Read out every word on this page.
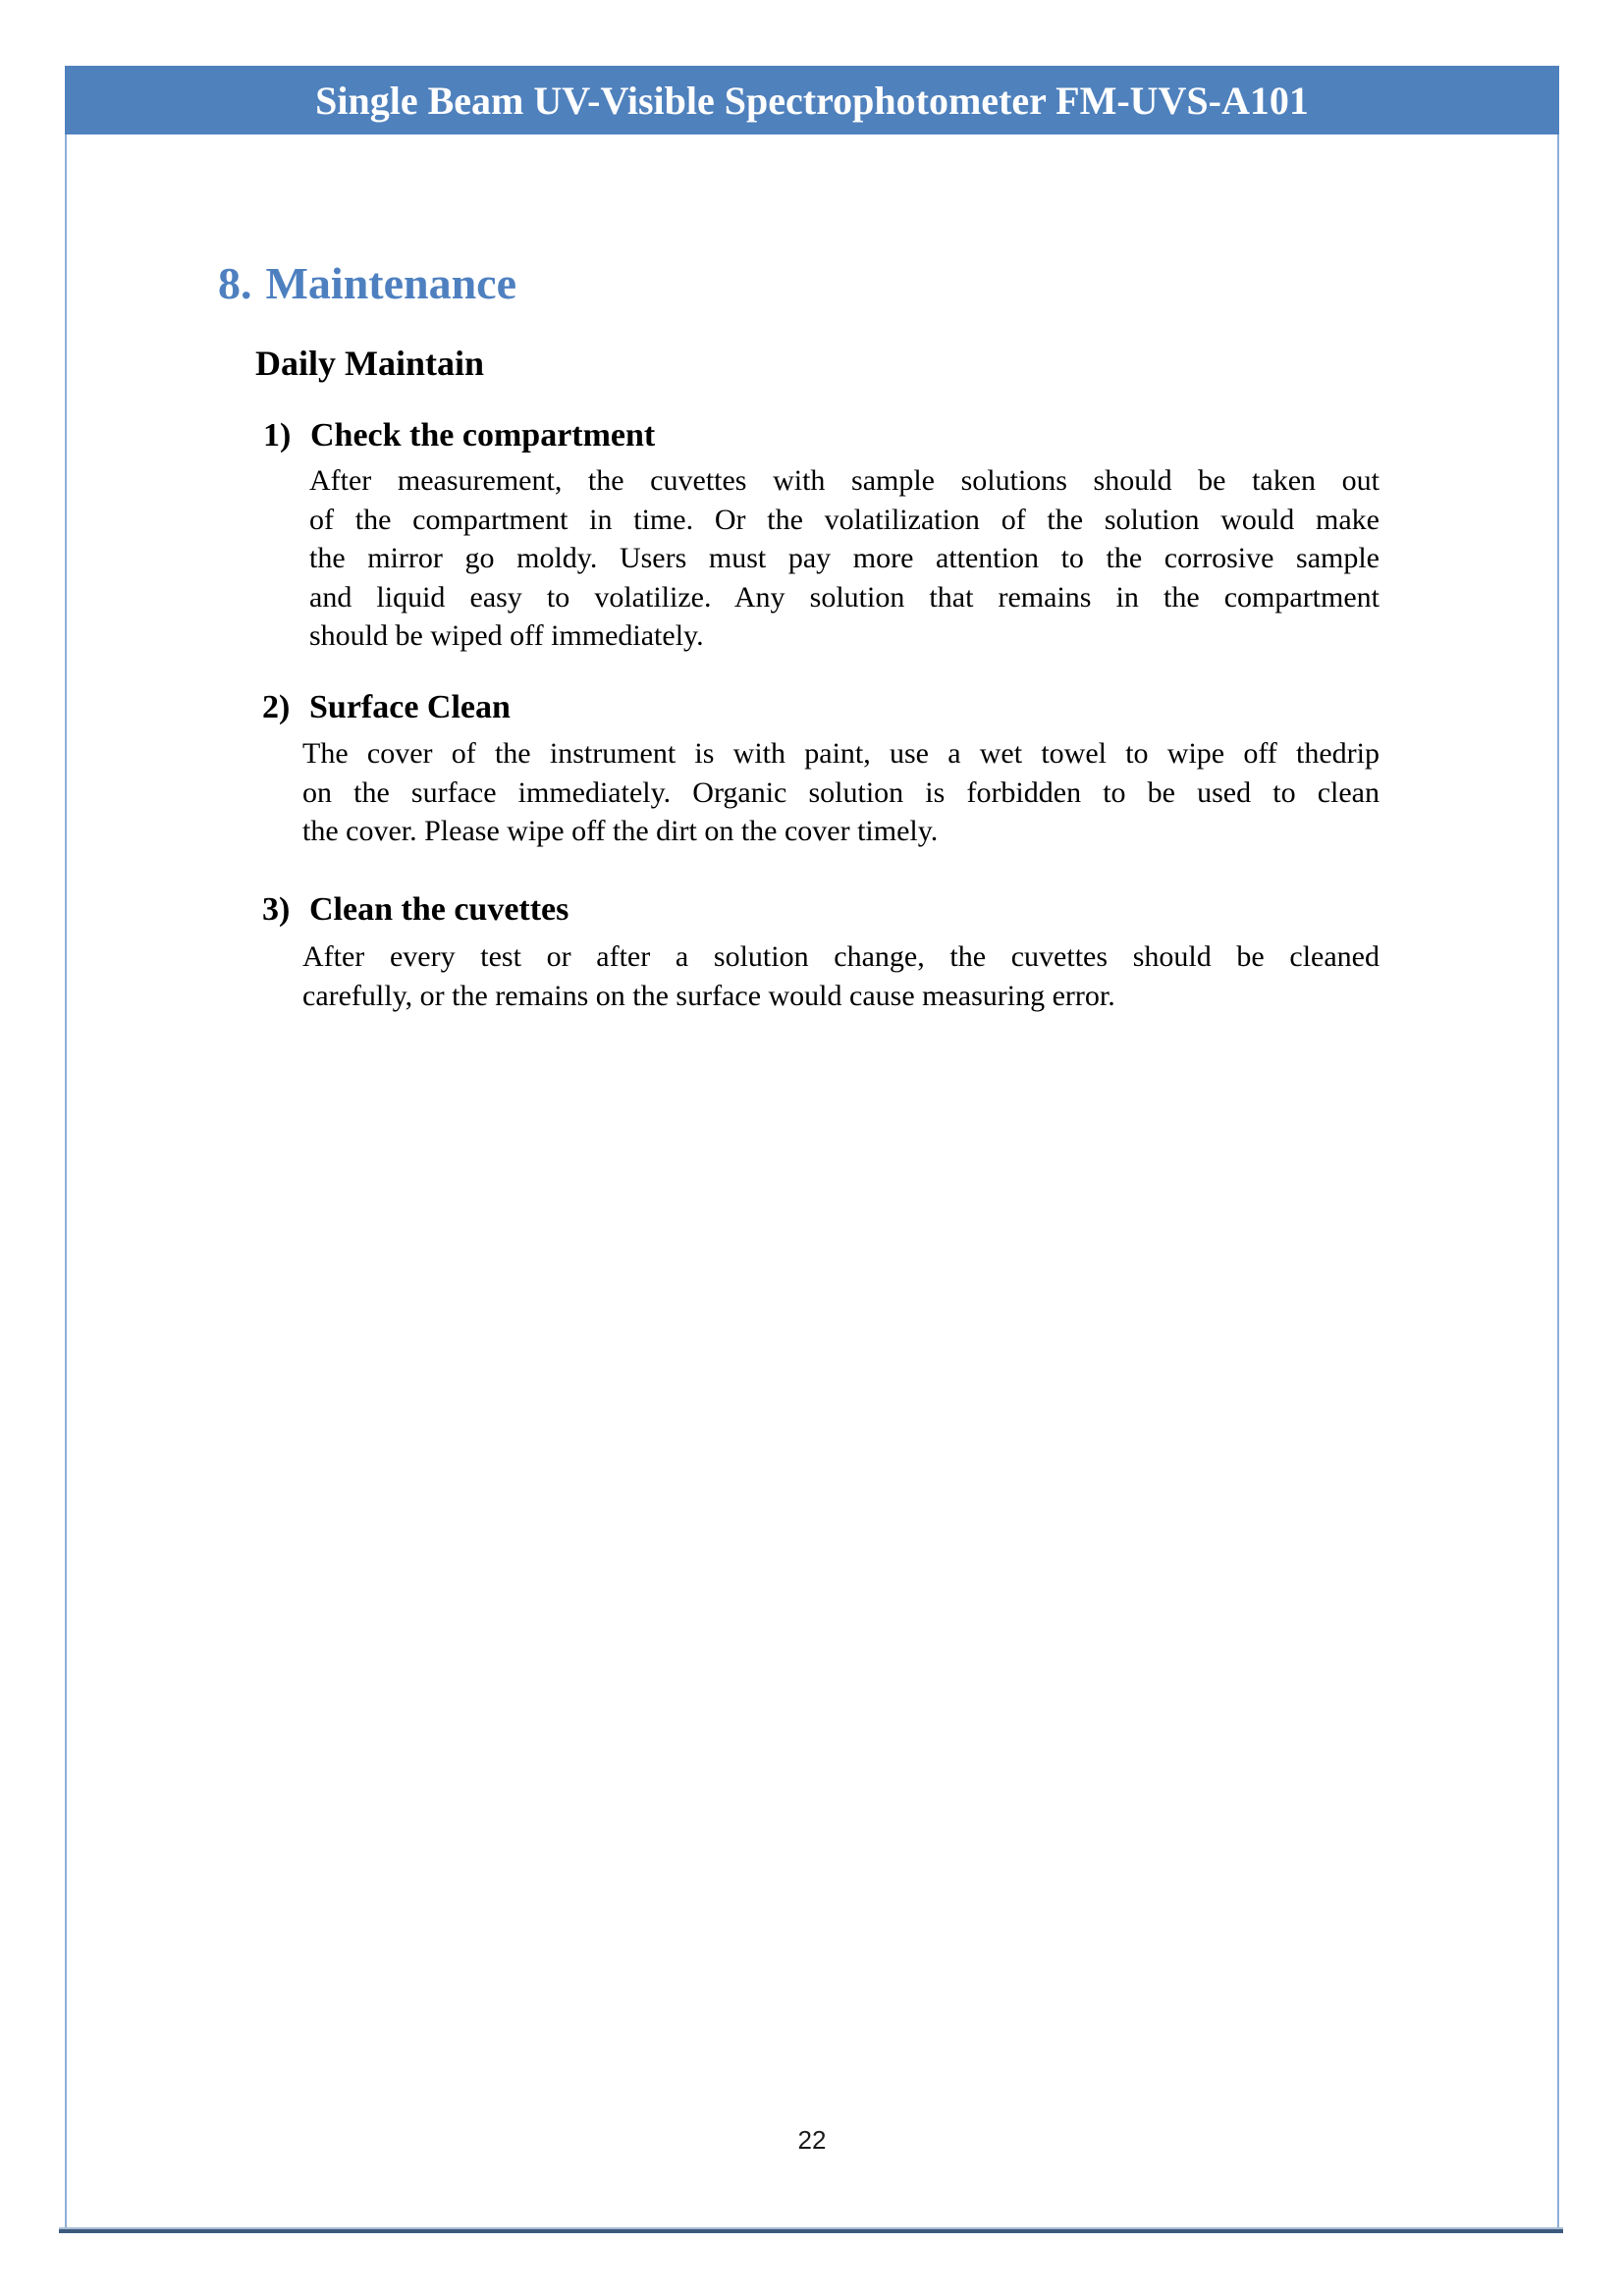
Single Beam UV-Visible Spectrophotometer FM-UVS-A101
8. Maintenance
Daily Maintain
1) Check the compartment
After measurement, the cuvettes with sample solutions should be taken out
of the compartment in time. Or the volatilization of the solution would make
the mirror go moldy. Users must pay more attention to the corrosive sample
and liquid easy to volatilize. Any solution that remains in the compartment
should be wiped off immediately.
2) Surface Clean
The cover of the instrument is with paint, use a wet towel to wipe off thedrip
on the surface immediately. Organic solution is forbidden to be used to clean
the cover. Please wipe off the dirt on the cover timely.
3) Clean the cuvettes
After every test or after a solution change, the cuvettes should be cleaned
carefully, or the remains on the surface would cause measuring error.
22
